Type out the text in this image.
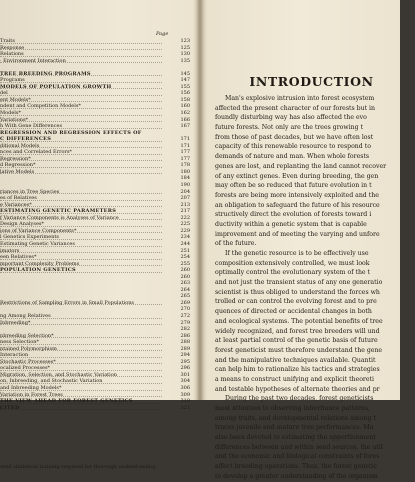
Page
Traits	123
Response	125
Relations	130
· Environment Interaction	135
TREE BREEDING PROGRAMS	145
Programs	147
MODELS OF POPULATION GROWTH	155
del	156
ent Models*	158
ndent and Competition Models*	160
Models*	162
Variations*	166
h With Gene Differences	167
REGRESSION AND REGRESSION EFFECTS OF
C DIFFERENCES	171
ditional Models	171
nces and Correlated Errors*	177
Regression*	177
d Regression*	178
lative Models	180
184
190
riances in Tree Species	204
es of Relatives	207
e Variances*	213
ESTIMATING GENETIC PARAMETERS	217
f Variance Components is Analyses of Variance	222
Design Analyses*	225
ions of Variance Components*	229
l Genetics Experiments	234
Estimating Genetic Variances	244
imators	251
een Relatives*	254
mportant Complexity Problems	255
POPULATION GENETICS	260
260
263
264
265
Restrictions of Sampling Errors in Small Populations	269
270
ng Among Relatives	272
Inbreeding*	279
282
nbreeding Selection*	286
ness Selection*	288
ntained Polymorphism	289
Interaction	294
Stochastic Processes*	295
ocalized Processes*	296
Migration, Selection, and Stochastic Variation	301
on, Inbreeding, and Stochastic Variation	304
and Inbreeding Models*	306
Variation in Forest Trees	309
THE VIEW AHEAD FOR FOREST GENETICS	319
CITED	321
ored statistical training required for thorough understanding.
INTRODUCTION
Man's explosive intrusion into forest ecosystem
affected the present character of our forests but in
foundly disturbing way has also affected the evo
future forests. Not only are the trees growing t
from those of past decades, but we have often lost
capacity of this renewable resource to respond to
demands of nature and man. When whole forests
genes are lost, and replanting the land cannot recover
of any extinct genes. Even during breeding, the gen
may often be so reduced that future evolution in t
forests are being more intensively exploited and the
an obligation to safeguard the future of his resource
structively direct the evolution of forests toward i
ductivity within a genetic system that is capable
improvement and of meeting the varying and unfore
of the future.
If the genetic resource is to be effectively use
composition extensively controlled, we must look
optimally control the evolutionary system of the t
and not just the transient status of any one generatio
scientist is thus obliged to understand the forces wh
trolled or can control the evolving forest and to pre
quences of directed or accidental changes in both
and ecological systems. The potential benefits of tree
widely recognized, and forest tree breeders will und
at least partial control of the genetic basis of future
forest geneticist must therefore understand the gene
and the manipulative techniques available. Quantit
can help him to rationalize his tactics and strategies
a means to construct unifying and explicit theoreti
and testable hypotheses of alternate theories and pr
During the past two decades, forest geneticists
most attention to observing inheritance patterns,
among traits, and developmental relations among t
traces juvenile and mature tree performances. Mu
also been devoted to estimating the apportionment
differences between and within seed sources, the util
and the economic and biological constraints of fores
affect breeding operations. Thus, the forest genetic
to develop a greater understanding of the organism
